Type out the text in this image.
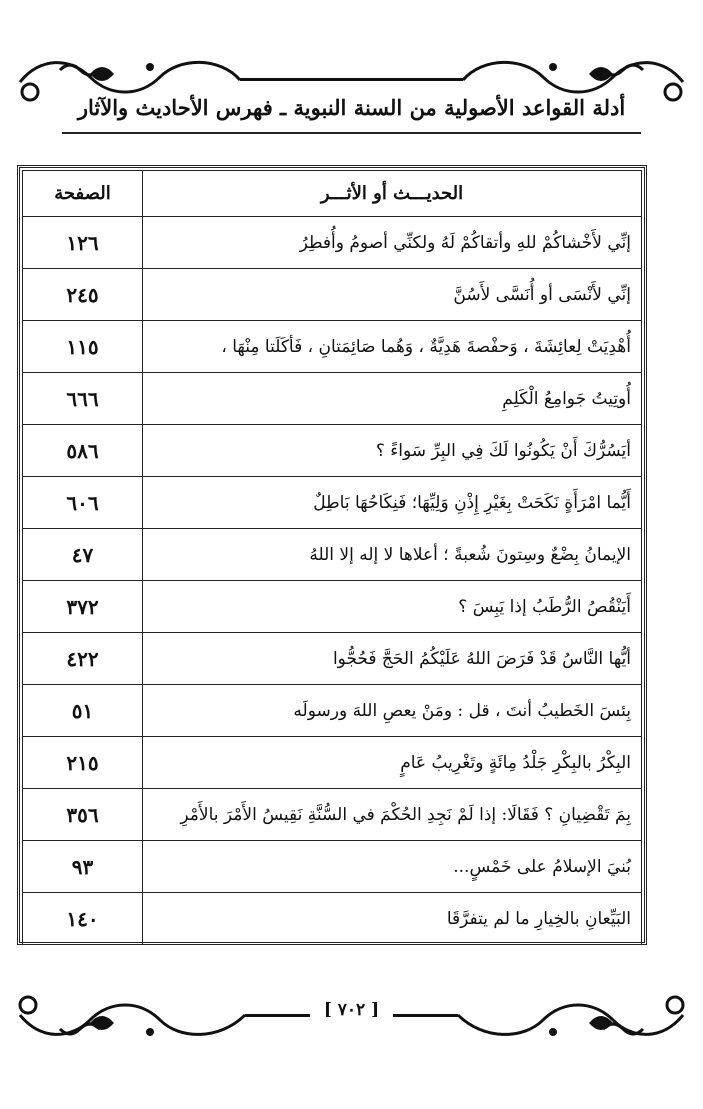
أدلة القواعد الأصولية من السنة النبوية ـ فهرس الأحاديث والآثار
الحديـــث أو الأثـــر	الصفحة
إنِّي لأَخْشاكُمْ للهِ وأتقاكُمْ لَهُ ولكنِّي أصومُ وأُفطِرُ	١٢٦
إنِّي لأَنْسَى أو أُنَسَّى لأَسُنَّ	٢٤٥
أُهْدِيَتْ لِعائِشَةَ ، وَحفْصةَ هَدِيَّةٌ ، وَهُما صَائِمَتانِ ، فَأكَلَتا مِنْهَا ،	١١٥
أُوتِيتُ جَوامِعُ الْكَلِمِ	٦٦٦
أيَسُرُّكَ أَنْ يَكُونُوا لَكَ فِي البِرِّ سَواءً ؟	٥٨٦
أَيُّما امْرَأَةٍ نَكَحَتْ بِغَيْرِ إِذْنِ وَلِيِّهَا؛ فَنِكَاحُهَا بَاطِلٌ	٦٠٦
الإيمانُ بِضْعٌ وسِتونَ شُعبةً ؛ أعلاها لا إله إلا اللهُ	٤٧
أَيَنْقُصُ الرُّطَبُ إذا يَبِسَ ؟	٣٧٢
أيُّها النَّاسُ قَدْ فَرَضَ اللهُ عَلَيْكُمُ الحَجَّ فَحُجُّوا	٤٢٢
بِئسَ الخَطيبُ أنتَ ، قل : ومَنْ يعصِ اللهَ ورسولَه	٥١
البِكْرُ بالبِكْرِ جَلْدُ مِائَةٍ وتَغْرِيبُ عَامٍ	٢١٥
بِمَ تَقْضِيانِ ؟ فَقَالَا: إذا لَمْ نَجِدِ الحُكْمَ في السُّنَّةِ نَقِيسُ الأَمْرَ بالأَمْرِ	٣٥٦
بُنيَ الإسلامُ على خَمْسٍ...	٩٣
البَيِّعانِ بالخِيارِ ما لم يتفرَّقَا	١٤٠
[ ٧٠٢ ]
